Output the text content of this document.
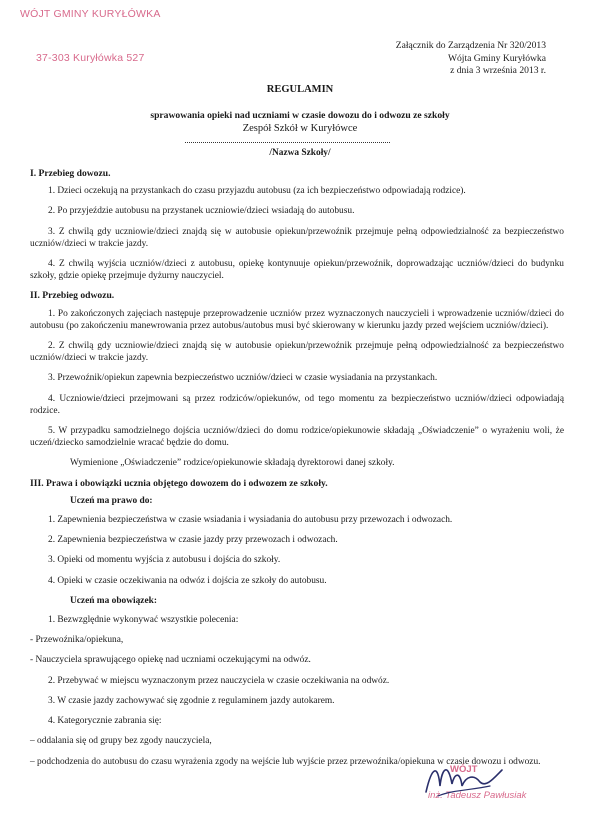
WÓJT GMINY KURYŁÓWKA
37-303 Kuryłówka 527
Załącznik do Zarządzenia Nr 320/2013
Wójta Gminy Kuryłówka
z dnia 3 września 2013 r.
REGULAMIN
sprawowania opieki nad uczniami w czasie dowozu do i odwozu ze szkoły
Zespół Szkół w Kuryłówce
/Nazwa Szkoły/
I. Przebieg dowozu.
1. Dzieci oczekują na przystankach do czasu przyjazdu autobusu (za ich bezpieczeństwo odpowiadają rodzice).
2. Po przyjeździe autobusu na przystanek uczniowie/dzieci wsiadają do autobusu.
3. Z chwilą gdy uczniowie/dzieci znajdą się w autobusie opiekun/przewoźnik przejmuje pełną odpowiedzialność za bezpieczeństwo uczniów/dzieci w trakcie jazdy.
4. Z chwilą wyjścia uczniów/dzieci z autobusu, opiekę kontynuuje opiekun/przewoźnik, doprowadzając uczniów/dzieci do budynku szkoły, gdzie opiekę przejmuje dyżurny nauczyciel.
II. Przebieg odwozu.
1. Po zakończonych zajęciach następuje przeprowadzenie uczniów przez wyznaczonych nauczycieli i wprowadzenie uczniów/dzieci do autobusu (po zakończeniu manewrowania przez autobus/autobus musi być skierowany w kierunku jazdy przed wejściem uczniów/dzieci).
2. Z chwilą gdy uczniowie/dzieci znajdą się w autobusie opiekun/przewoźnik przejmuje pełną odpowiedzialność za bezpieczeństwo uczniów/dzieci w trakcie jazdy.
3. Przewoźnik/opiekun zapewnia bezpieczeństwo uczniów/dzieci w czasie wysiadania na przystankach.
4. Uczniowie/dzieci przejmowani są przez rodziców/opiekunów, od tego momentu za bezpieczeństwo uczniów/dzieci odpowiadają rodzice.
5. W przypadku samodzielnego dojścia uczniów/dzieci do domu rodzice/opiekunowie składają „Oświadczenie” o wyrażeniu woli, że uczeń/dziecko samodzielnie wracać będzie do domu.
Wymienione „Oświadczenie” rodzice/opiekunowie składają dyrektorowi danej szkoły.
III. Prawa i obowiązki ucznia objętego dowozem do i odwozem ze szkoły.
Uczeń ma prawo do:
1. Zapewnienia bezpieczeństwa w czasie wsiadania i wysiadania do autobusu przy przewozach i odwozach.
2. Zapewnienia bezpieczeństwa w czasie jazdy przy przewozach i odwozach.
3. Opieki od momentu wyjścia z autobusu i dojścia do szkoły.
4. Opieki w czasie oczekiwania na odwóz i dojścia ze szkoły do autobusu.
Uczeń ma obowiązek:
1. Bezwzględnie wykonywać wszystkie polecenia:
- Przewoźnika/opiekuna,
- Nauczyciela sprawującego opiekę nad uczniami oczekującymi na odwóz.
2. Przebywać w miejscu wyznaczonym przez nauczyciela w czasie oczekiwania na odwóz.
3. W czasie jazdy zachowywać się zgodnie z regulaminem jazdy autokarem.
4. Kategorycznie zabrania się:
– oddalania się od grupy bez zgody nauczyciela,
– podchodzenia do autobusu do czasu wyrażenia zgody na wejście lub wyjście przez przewoźnika/opiekuna w czasie dowozu i odwozu.
WÓJT
inż. Tadeusz Pawłusiak
